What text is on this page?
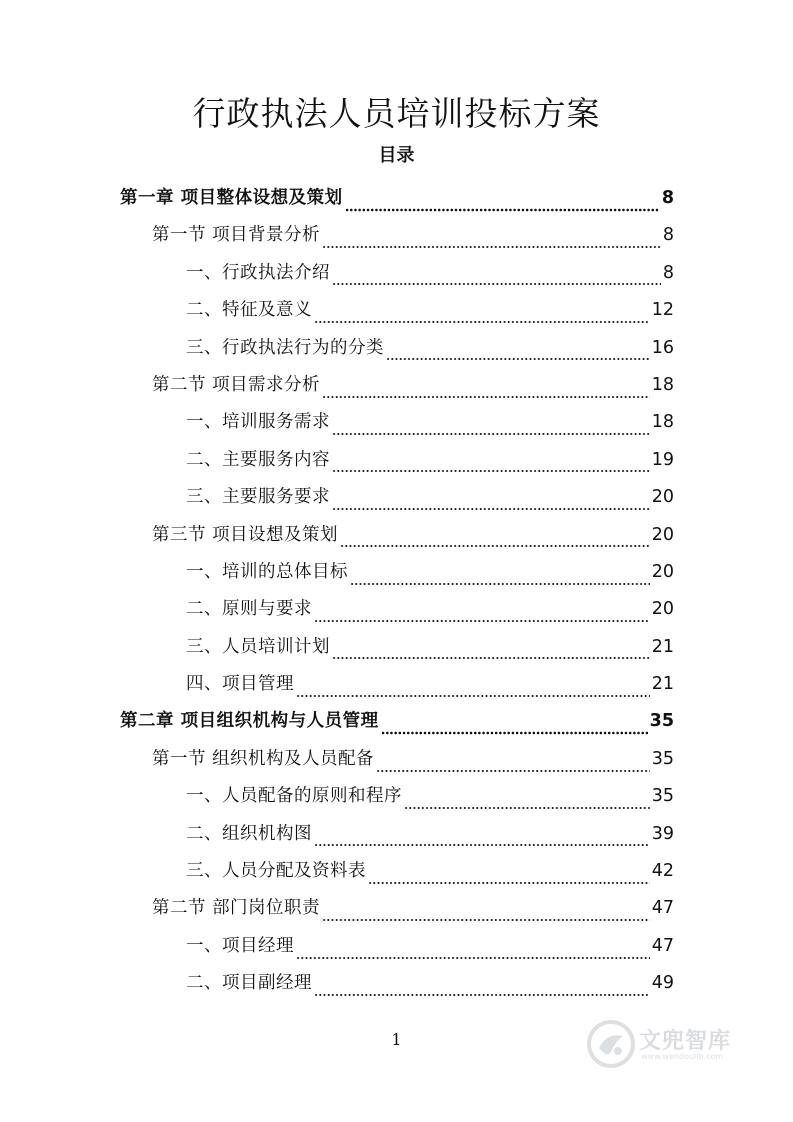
行政执法人员培训投标方案
目录
第一章 项目整体设想及策划	8
第一节 项目背景分析	8
一、行政执法介绍	8
二、特征及意义	12
三、行政执法行为的分类	16
第二节 项目需求分析	18
一、培训服务需求	18
二、主要服务内容	19
三、主要服务要求	20
第三节 项目设想及策划	20
一、培训的总体目标	20
二、原则与要求	20
三、人员培训计划	21
四、项目管理	21
第二章 项目组织机构与人员管理	35
第一节 组织机构及人员配备	35
一、人员配备的原则和程序	35
二、组织机构图	39
三、人员分配及资料表	42
第二节 部门岗位职责	47
一、项目经理	47
二、项目副经理	49
1	文兜智库
www.wendoulib.com
